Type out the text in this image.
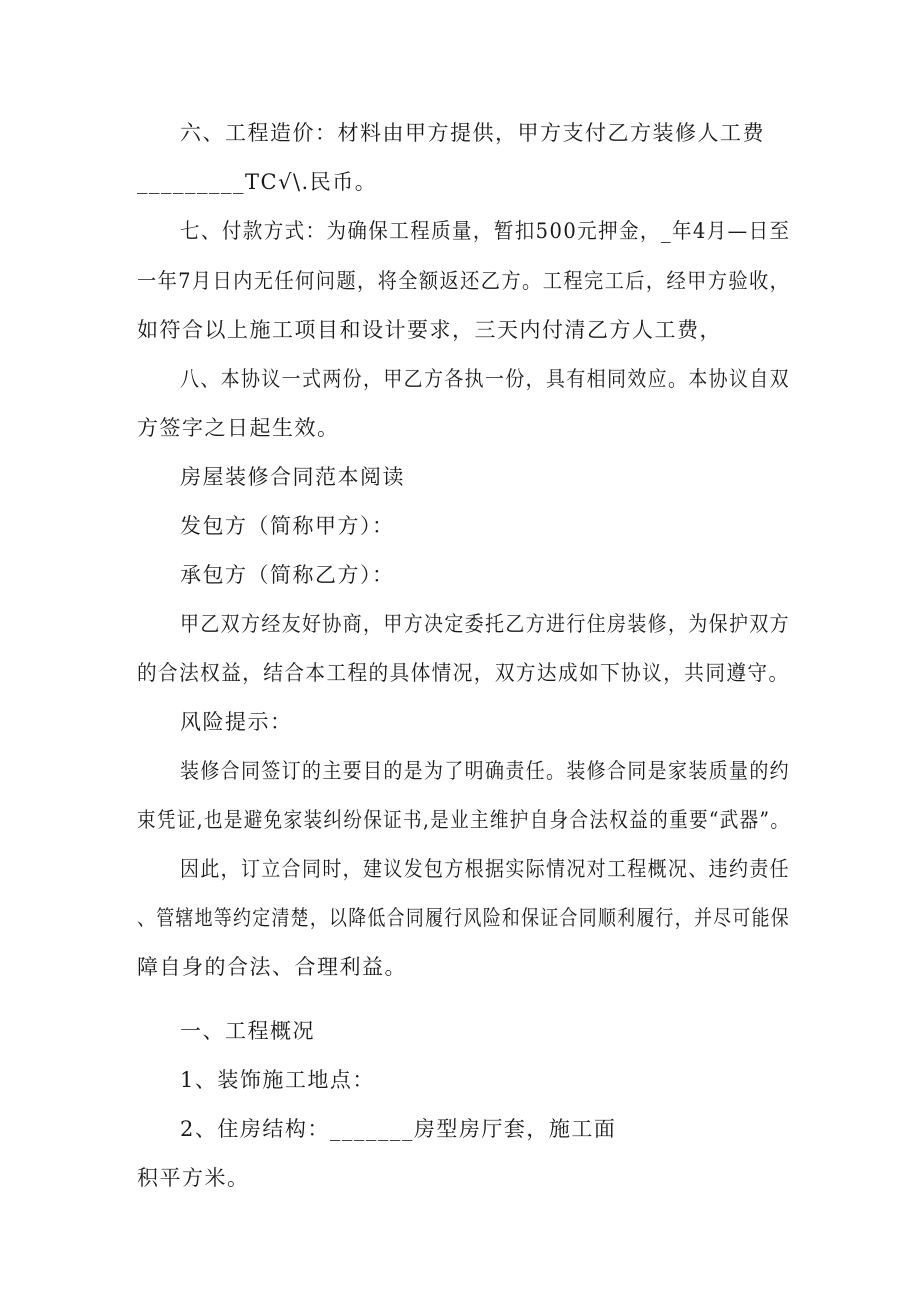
六、工程造价：材料由甲方提供，甲方支付乙方装修人工费

_________TC√\.民币。

七、付款方式：为确保工程质量，暂扣500元押金，_年4月—日至

一年7月日内无任何问题，将全额返还乙方。工程完工后，经甲方验收，

如符合以上施工项目和设计要求，三天内付清乙方人工费，

八、本协议一式两份，甲乙方各执一份，具有相同效应。本协议自双

方签字之日起生效。

房屋装修合同范本阅读

发包方（简称甲方）：

承包方（简称乙方）：

甲乙双方经友好协商，甲方决定委托乙方进行住房装修，为保护双方

的合法权益，结合本工程的具体情况，双方达成如下协议，共同遵守。

风险提示：

装修合同签订的主要目的是为了明确责任。装修合同是家装质量的约

束凭证,也是避免家装纠纷保证书,是业主维护自身合法权益的重要“武器”。

因此，订立合同时，建议发包方根据实际情况对工程概况、违约责任

、管辖地等约定清楚，以降低合同履行风险和保证合同顺利履行，并尽可能保

障自身的合法、合理利益。

一、工程概况

1、装饰施工地点：

2、住房结构：_______房型房厅套，施工面

积平方米。
